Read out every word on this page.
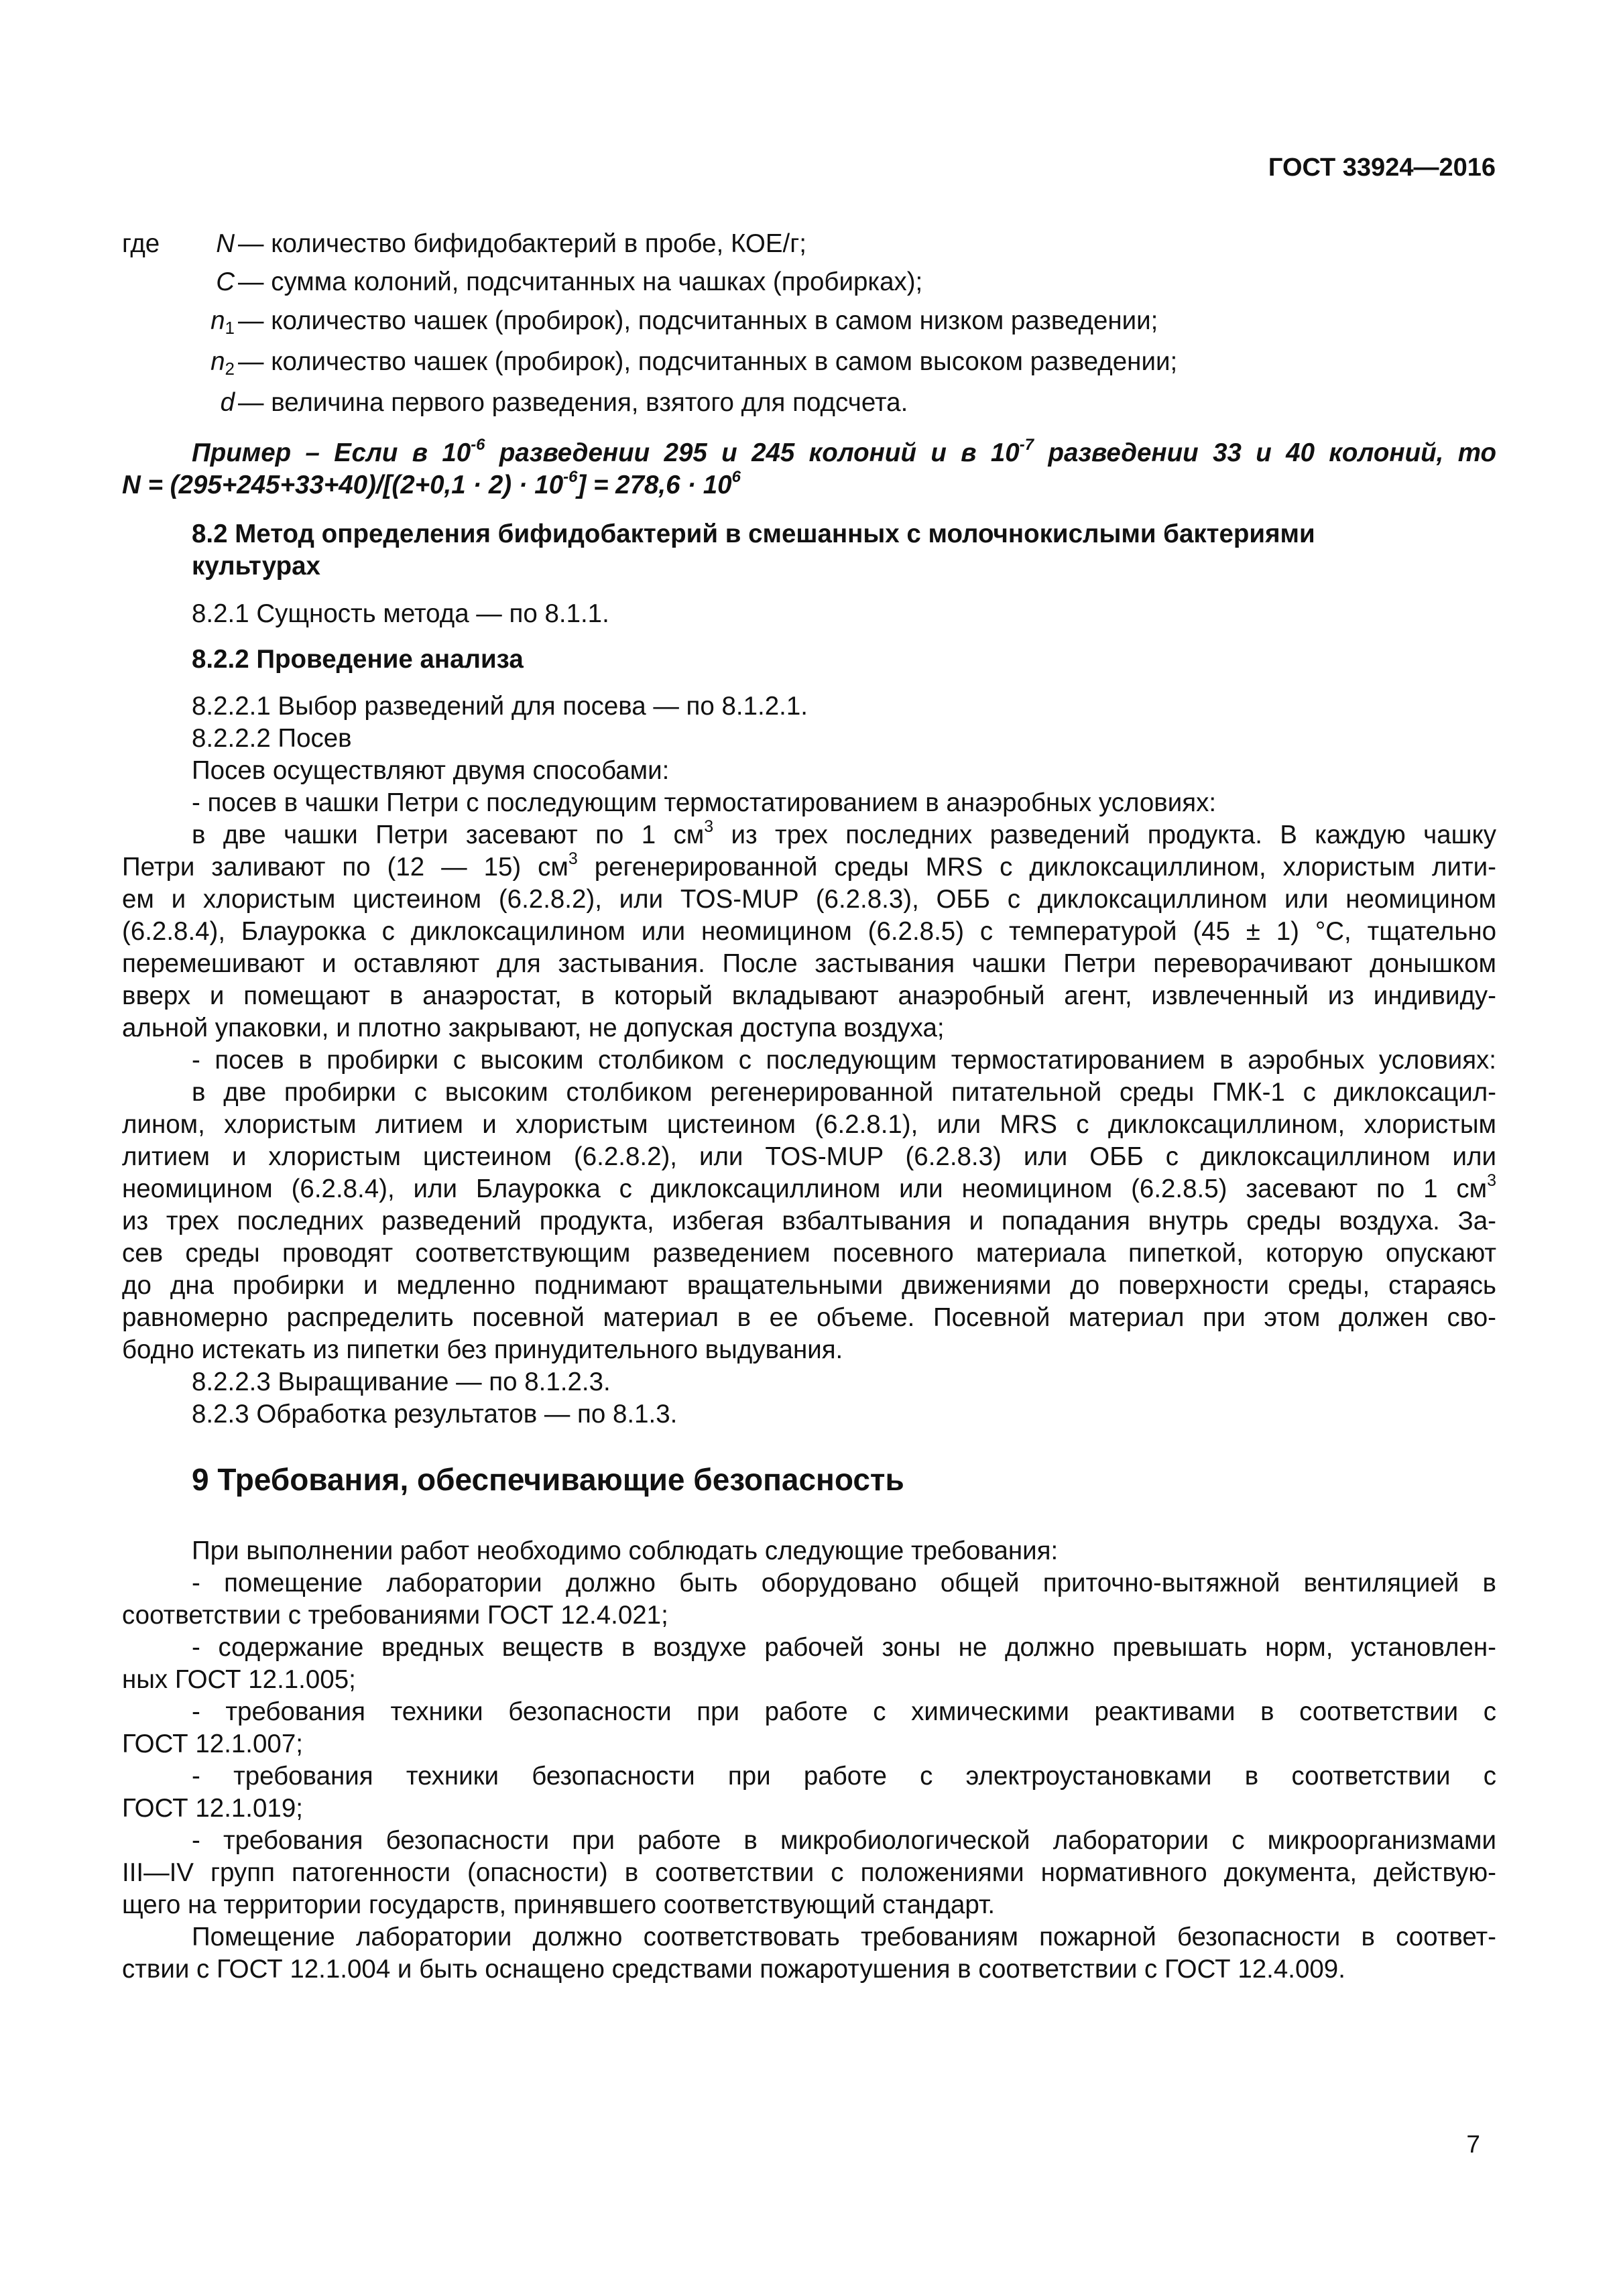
ГОСТ 33924—2016
где	N — количество бифидобактерий в пробе, КОЕ/г;
C — сумма колоний, подсчитанных на чашках (пробирках);
$n_1$ — количество чашек (пробирок), подсчитанных в самом низком разведении;
$n_2$ — количество чашек (пробирок), подсчитанных в самом высоком разведении;
d — величина первого разведения, взятого для подсчета.
Пример – Если в $10^{-6}$ разведении 295 и 245 колоний и в $10^{-7}$ разведении 33 и 40 колоний, то
$N = (295+245+33+40)/[(2+0,1 \cdot 2) \cdot 10^{-6}] = 278,6 \cdot 10^6$
8.2 Метод определения бифидобактерий в смешанных с молочнокислыми бактериями
культурах
8.2.1 Сущность метода — по 8.1.1.
8.2.2 Проведение анализа
8.2.2.1 Выбор разведений для посева — по 8.1.2.1.
8.2.2.2 Посев
Посев осуществляют двумя способами:
- посев в чашки Петри с последующим термостатированием в анаэробных условиях:
в две чашки Петри засевают по 1 $см^3$ из трех последних разведений продукта. В каждую чашку
Петри заливают по (12 — 15) $см^3$ регенерированной среды MRS с диклоксациллином, хлористым лити-
ем и хлористым цистеином (6.2.8.2), или TOS-MUP (6.2.8.3), ОББ с диклоксациллином или неомицином
(6.2.8.4), Блаурокка с диклоксацилином или неомицином (6.2.8.5) с температурой (45 ± 1) °С, тщательно
перемешивают и оставляют для застывания. После застывания чашки Петри переворачивают донышком
вверх и помещают в анаэростат, в который вкладывают анаэробный агент, извлеченный из индивиду-
альной упаковки, и плотно закрывают, не допуская доступа воздуха;
- посев в пробирки с высоким столбиком с последующим термостатированием в аэробных условиях:
в две пробирки с высоким столбиком регенерированной питательной среды ГМК-1 с диклоксацил-
лином, хлористым литием и хлористым цистеином (6.2.8.1), или MRS с диклоксациллином, хлористым
литием и хлористым цистеином (6.2.8.2), или TOS-MUP (6.2.8.3) или ОББ с диклоксациллином или
неомицином (6.2.8.4), или Блаурокка с диклоксациллином или неомицином (6.2.8.5) засевают по 1 $см^3$
из трех последних разведений продукта, избегая взбалтывания и попадания внутрь среды воздуха. За-
сев среды проводят соответствующим разведением посевного материала пипеткой, которую опускают
до дна пробирки и медленно поднимают вращательными движениями до поверхности среды, стараясь
равномерно распределить посевной материал в ее объеме. Посевной материал при этом должен сво-
бодно истекать из пипетки без принудительного выдувания.
8.2.2.3 Выращивание — по 8.1.2.3.
8.2.3 Обработка результатов — по 8.1.3.
9 Требования, обеспечивающие безопасность
При выполнении работ необходимо соблюдать следующие требования:
- помещение лаборатории должно быть оборудовано общей приточно-вытяжной вентиляцией в
соответствии с требованиями ГОСТ 12.4.021;
- содержание вредных веществ в воздухе рабочей зоны не должно превышать норм, установлен-
ных ГОСТ 12.1.005;
- требования техники безопасности при работе с химическими реактивами в соответствии с
ГОСТ 12.1.007;
- требования техники безопасности при работе с электроустановками в соответствии с
ГОСТ 12.1.019;
- требования безопасности при работе в микробиологической лаборатории с микроорганизмами
III—IV групп патогенности (опасности) в соответствии с положениями нормативного документа, действую-
щего на территории государств, принявшего соответствующий стандарт.
Помещение лаборатории должно соответствовать требованиям пожарной безопасности в соответ-
ствии с ГОСТ 12.1.004 и быть оснащено средствами пожаротушения в соответствии с ГОСТ 12.4.009.
7
